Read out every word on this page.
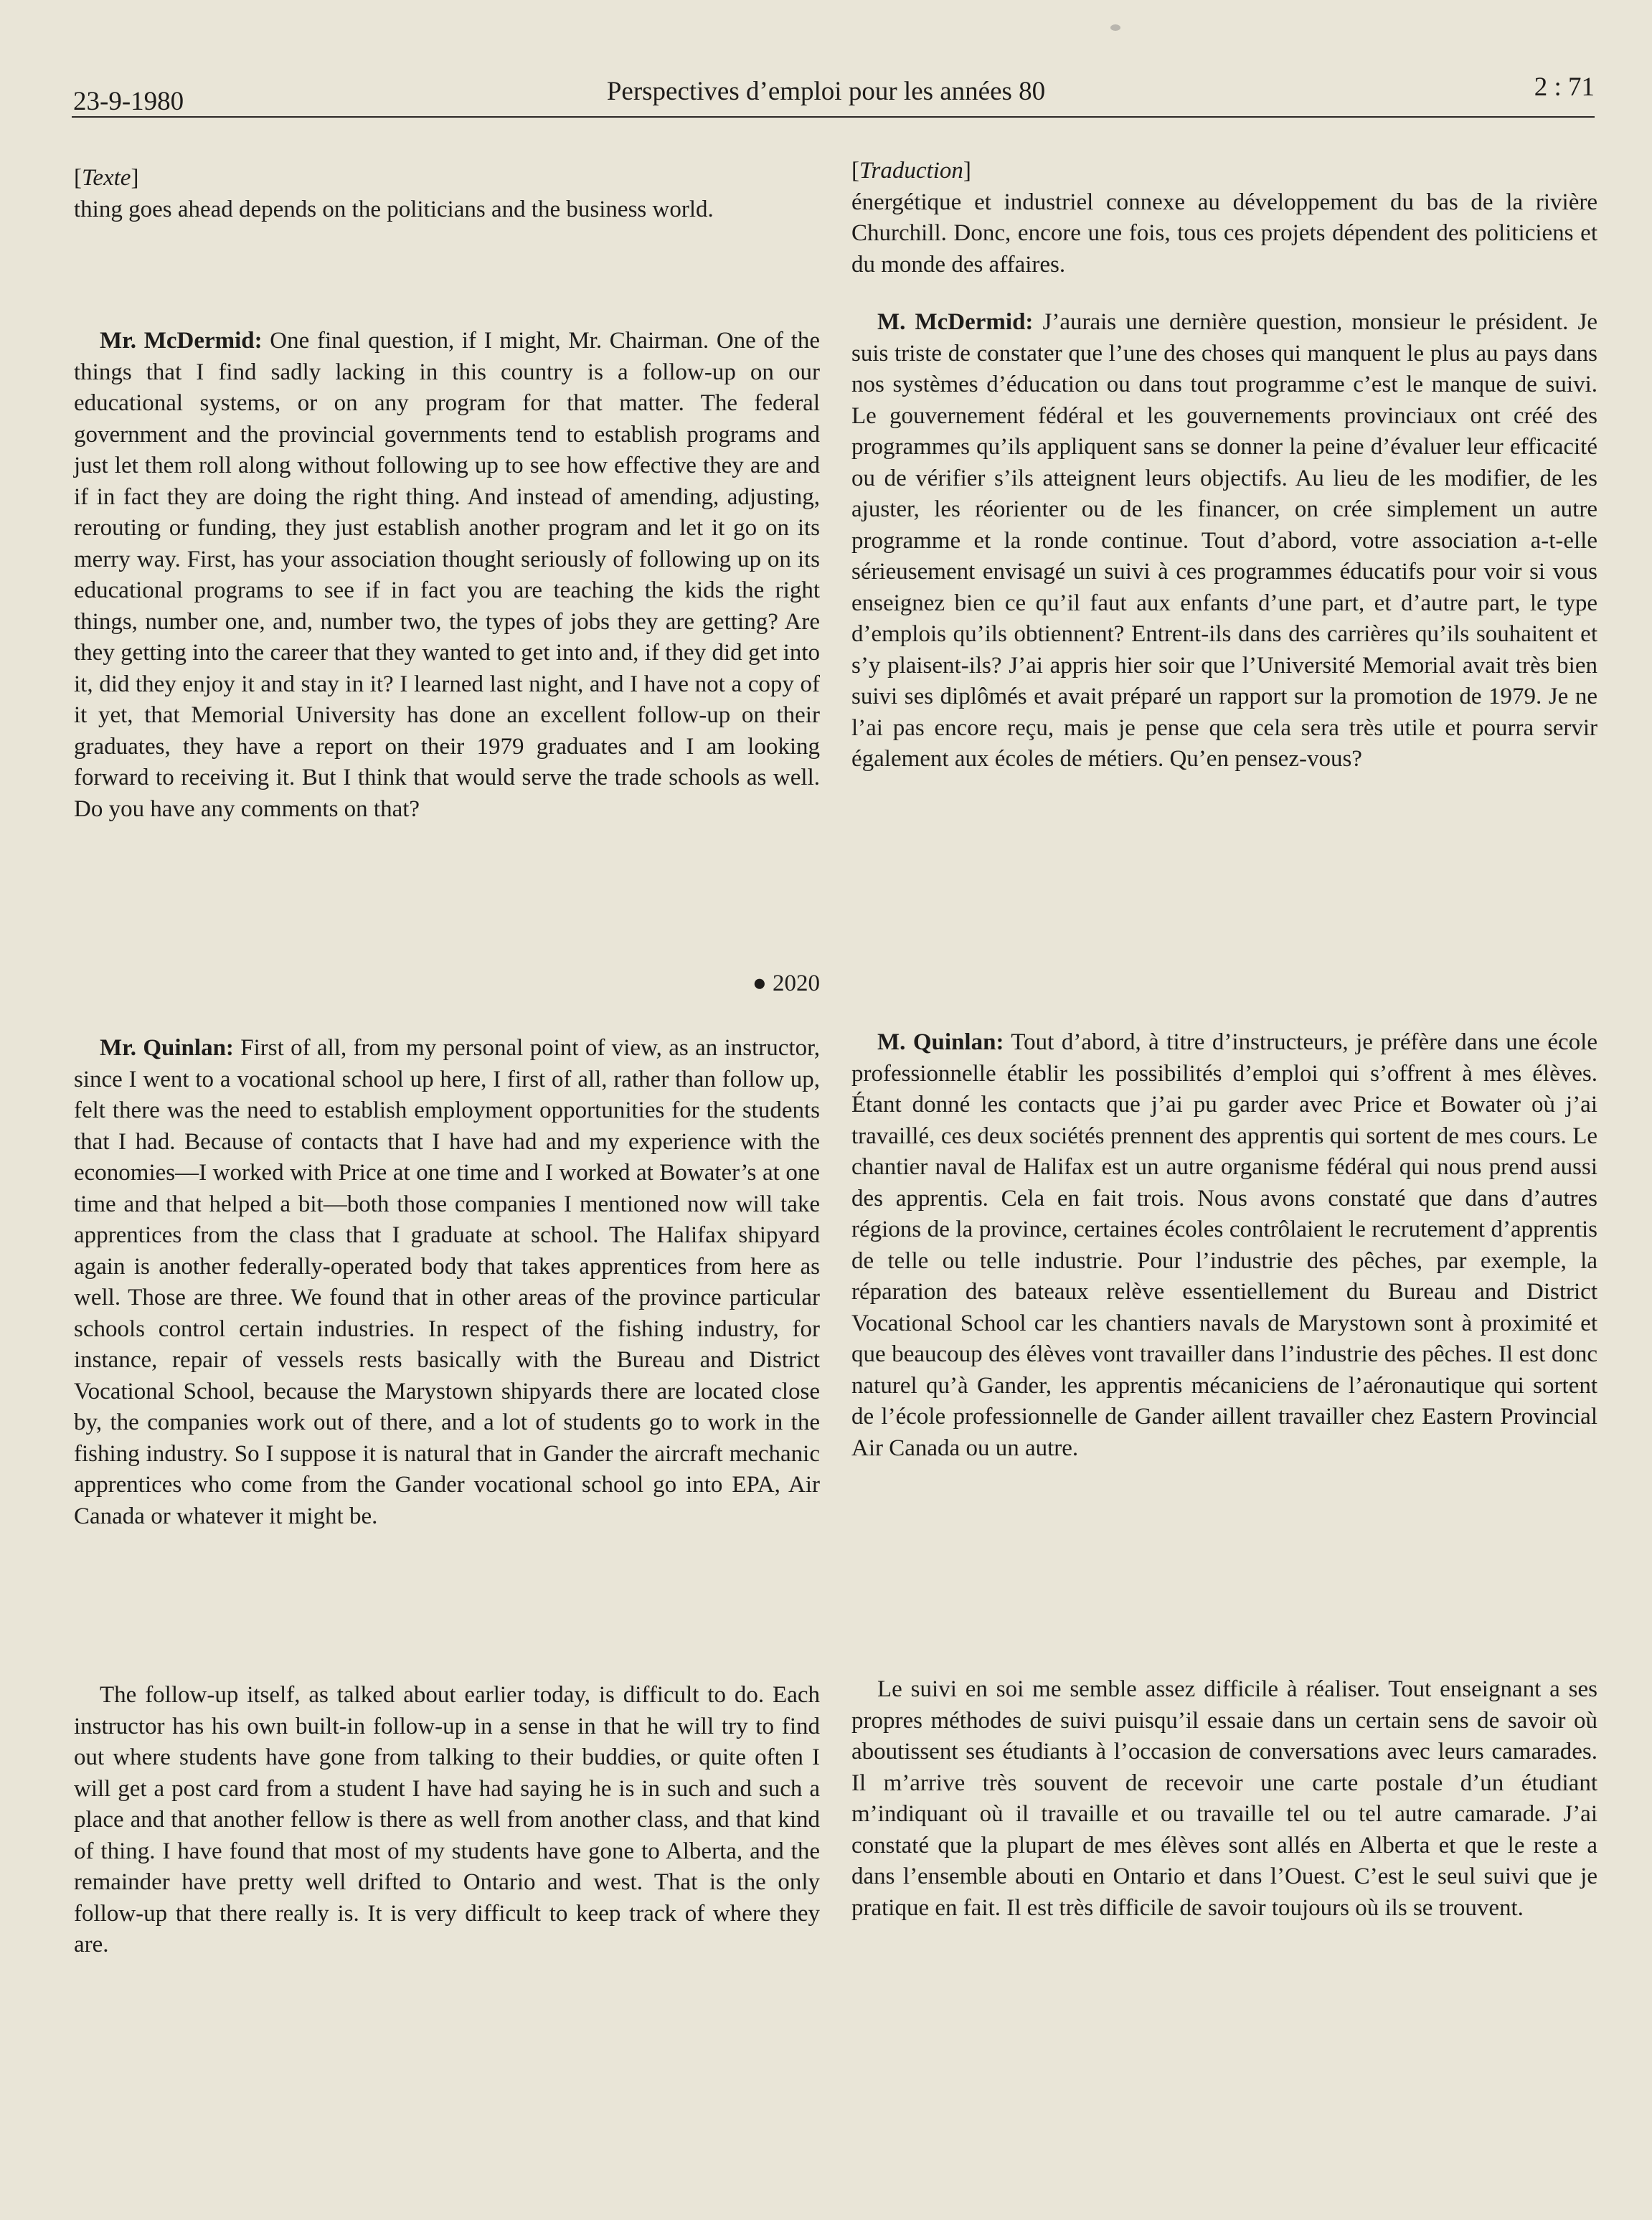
23-9-1980	Perspectives d’emploi pour les années 80	2 : 71

[Texte]

thing goes ahead depends on the politicians and the business world.

Mr. McDermid: One final question, if I might, Mr. Chairman. One of the things that I find sadly lacking in this country is a follow-up on our educational systems, or on any program for that matter. The federal government and the provincial governments tend to establish programs and just let them roll along without following up to see how effective they are and if in fact they are doing the right thing. And instead of amending, adjusting, rerouting or funding, they just establish another program and let it go on its merry way. First, has your association thought seriously of following up on its educational programs to see if in fact you are teaching the kids the right things, number one, and, number two, the types of jobs they are getting? Are they getting into the career that they wanted to get into and, if they did get into it, did they enjoy it and stay in it? I learned last night, and I have not a copy of it yet, that Memorial University has done an excellent follow-up on their graduates, they have a report on their 1979 graduates and I am looking forward to receiving it. But I think that would serve the trade schools as well. Do you have any comments on that?

● 2020

Mr. Quinlan: First of all, from my personal point of view, as an instructor, since I went to a vocational school up here, I first of all, rather than follow up, felt there was the need to establish employment opportunities for the students that I had. Because of contacts that I have had and my experience with the economies—I worked with Price at one time and I worked at Bowater’s at one time and that helped a bit—both those companies I mentioned now will take apprentices from the class that I graduate at school. The Halifax shipyard again is another federally-operated body that takes apprentices from here as well. Those are three. We found that in other areas of the province particular schools control certain industries. In respect of the fishing industry, for instance, repair of vessels rests basically with the Bureau and District Vocational School, because the Marystown shipyards there are located close by, the companies work out of there, and a lot of students go to work in the fishing industry. So I suppose it is natural that in Gander the aircraft mechanic apprentices who come from the Gander vocational school go into EPA, Air Canada or whatever it might be.

The follow-up itself, as talked about earlier today, is difficult to do. Each instructor has his own built-in follow-up in a sense in that he will try to find out where students have gone from talking to their buddies, or quite often I will get a post card from a student I have had saying he is in such and such a place and that another fellow is there as well from another class, and that kind of thing. I have found that most of my students have gone to Alberta, and the remainder have pretty well drifted to Ontario and west. That is the only follow-up that there really is. It is very difficult to keep track of where they are.

[Traduction]

énergétique et industriel connexe au développement du bas de la rivière Churchill. Donc, encore une fois, tous ces projets dépendent des politiciens et du monde des affaires.

M. McDermid: J’aurais une dernière question, monsieur le président. Je suis triste de constater que l’une des choses qui manquent le plus au pays dans nos systèmes d’éducation ou dans tout programme c’est le manque de suivi. Le gouvernement fédéral et les gouvernements provinciaux ont créé des programmes qu’ils appliquent sans se donner la peine d’évaluer leur efficacité ou de vérifier s’ils atteignent leurs objectifs. Au lieu de les modifier, de les ajuster, les réorienter ou de les financer, on crée simplement un autre programme et la ronde continue. Tout d’abord, votre association a-t-elle sérieusement envisagé un suivi à ces programmes éducatifs pour voir si vous enseignez bien ce qu’il faut aux enfants d’une part, et d’autre part, le type d’emplois qu’ils obtiennent? Entrent-ils dans des carrières qu’ils souhaitent et s’y plaisent-ils? J’ai appris hier soir que l’Université Memorial avait très bien suivi ses diplômés et avait préparé un rapport sur la promotion de 1979. Je ne l’ai pas encore reçu, mais je pense que cela sera très utile et pourra servir également aux écoles de métiers. Qu’en pensez-vous?

M. Quinlan: Tout d’abord, à titre d’instructeurs, je préfère dans une école professionnelle établir les possibilités d’emploi qui s’offrent à mes élèves. Étant donné les contacts que j’ai pu garder avec Price et Bowater où j’ai travaillé, ces deux sociétés prennent des apprentis qui sortent de mes cours. Le chantier naval de Halifax est un autre organisme fédéral qui nous prend aussi des apprentis. Cela en fait trois. Nous avons constaté que dans d’autres régions de la province, certaines écoles contrôlaient le recrutement d’apprentis de telle ou telle industrie. Pour l’industrie des pêches, par exemple, la réparation des bateaux relève essentiellement du Bureau and District Vocational School car les chantiers navals de Marystown sont à proximité et que beaucoup des élèves vont travailler dans l’industrie des pêches. Il est donc naturel qu’à Gander, les apprentis mécaniciens de l’aéronautique qui sortent de l’école professionnelle de Gander aillent travailler chez Eastern Provincial Air Canada ou un autre.

Le suivi en soi me semble assez difficile à réaliser. Tout enseignant a ses propres méthodes de suivi puisqu’il essaie dans un certain sens de savoir où aboutissent ses étudiants à l’occasion de conversations avec leurs camarades. Il m’arrive très souvent de recevoir une carte postale d’un étudiant m’indiquant où il travaille et ou travaille tel ou tel autre camarade. J’ai constaté que la plupart de mes élèves sont allés en Alberta et que le reste a dans l’ensemble abouti en Ontario et dans l’Ouest. C’est le seul suivi que je pratique en fait. Il est très difficile de savoir toujours où ils se trouvent.
